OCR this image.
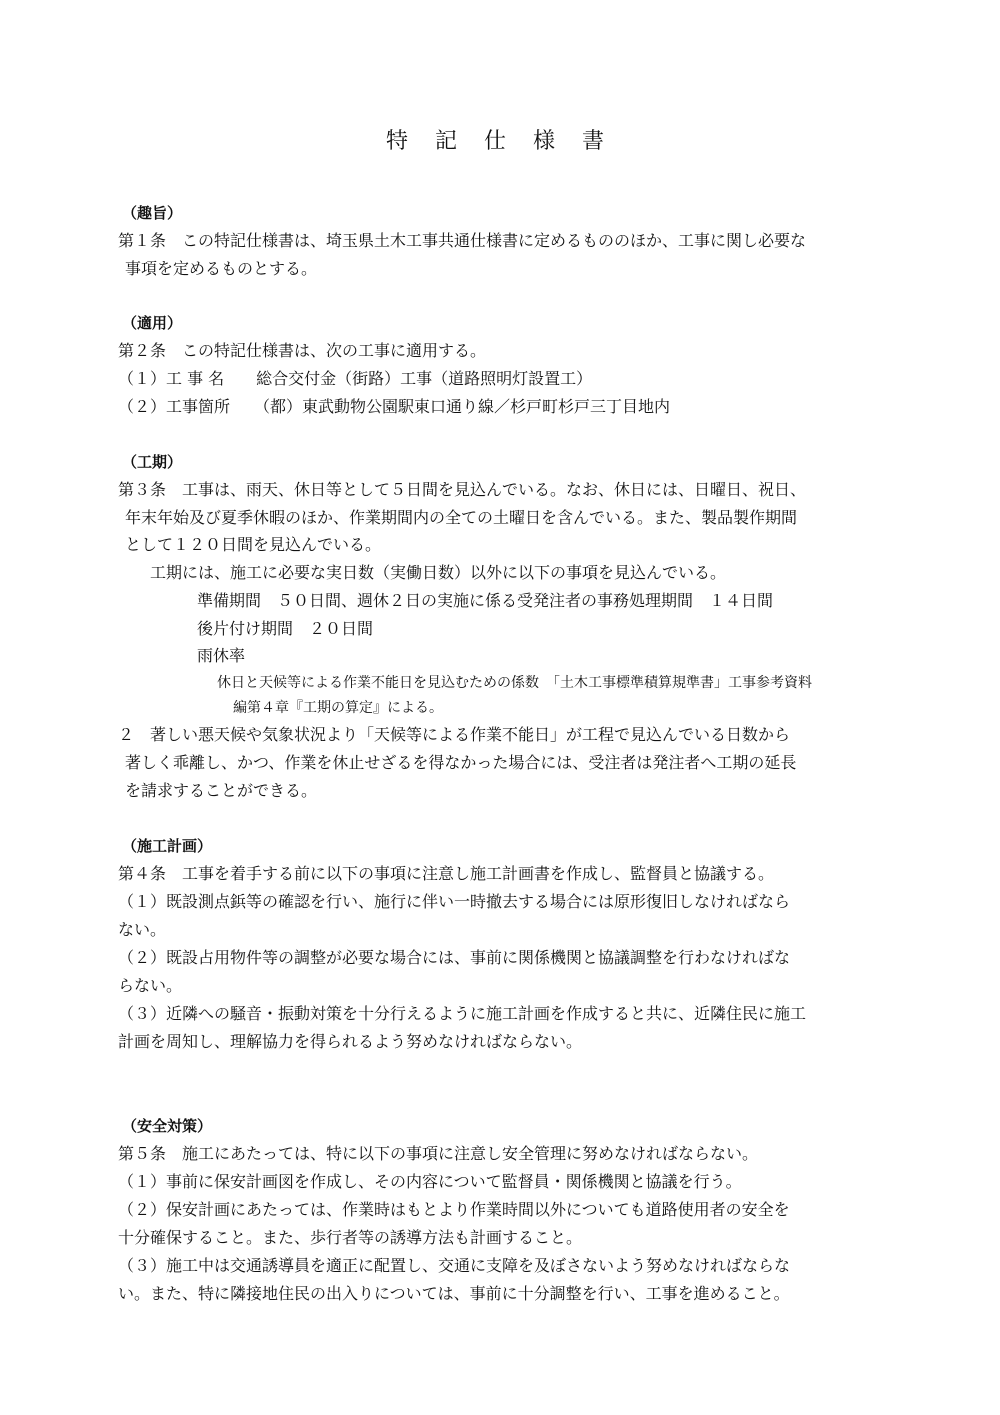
特 記 仕 様 書
（趣旨）
第１条　この特記仕様書は、埼玉県土木工事共通仕様書に定めるもののほか、工事に関し必要な
事項を定めるものとする。
（適用）
第２条　この特記仕様書は、次の工事に適用する。
（１）工 事 名　　総合交付金（街路）工事（道路照明灯設置工）
（２）工事箇所　　（都）東武動物公園駅東口通り線／杉戸町杉戸三丁目地内
（工期）
第３条　工事は、雨天、休日等として５日間を見込んでいる。なお、休日には、日曜日、祝日、
年末年始及び夏季休暇のほか、作業期間内の全ての土曜日を含んでいる。また、製品製作期間
として１２０日間を見込んでいる。
工期には、施工に必要な実日数（実働日数）以外に以下の事項を見込んでいる。
準備期間　５０日間、週休２日の実施に係る受発注者の事務処理期間　１４日間
後片付け期間　２０日間
雨休率
休日と天候等による作業不能日を見込むための係数　「土木工事標準積算規準書」工事参考資料
編第４章『工期の算定』による。
２　著しい悪天候や気象状況より「天候等による作業不能日」が工程で見込んでいる日数から
著しく乖離し、かつ、作業を休止せざるを得なかった場合には、受注者は発注者へ工期の延長
を請求することができる。
（施工計画）
第４条　工事を着手する前に以下の事項に注意し施工計画書を作成し、監督員と協議する。
（１）既設測点鋲等の確認を行い、施行に伴い一時撤去する場合には原形復旧しなければなら
ない。
（２）既設占用物件等の調整が必要な場合には、事前に関係機関と協議調整を行わなければな
らない。
（３）近隣への騒音・振動対策を十分行えるように施工計画を作成すると共に、近隣住民に施工
計画を周知し、理解協力を得られるよう努めなければならない。
（安全対策）
第５条　施工にあたっては、特に以下の事項に注意し安全管理に努めなければならない。
（１）事前に保安計画図を作成し、その内容について監督員・関係機関と協議を行う。
（２）保安計画にあたっては、作業時はもとより作業時間以外についても道路使用者の安全を
十分確保すること。また、歩行者等の誘導方法も計画すること。
（３）施工中は交通誘導員を適正に配置し、交通に支障を及ぼさないよう努めなければならな
い。また、特に隣接地住民の出入りについては、事前に十分調整を行い、工事を進めること。
